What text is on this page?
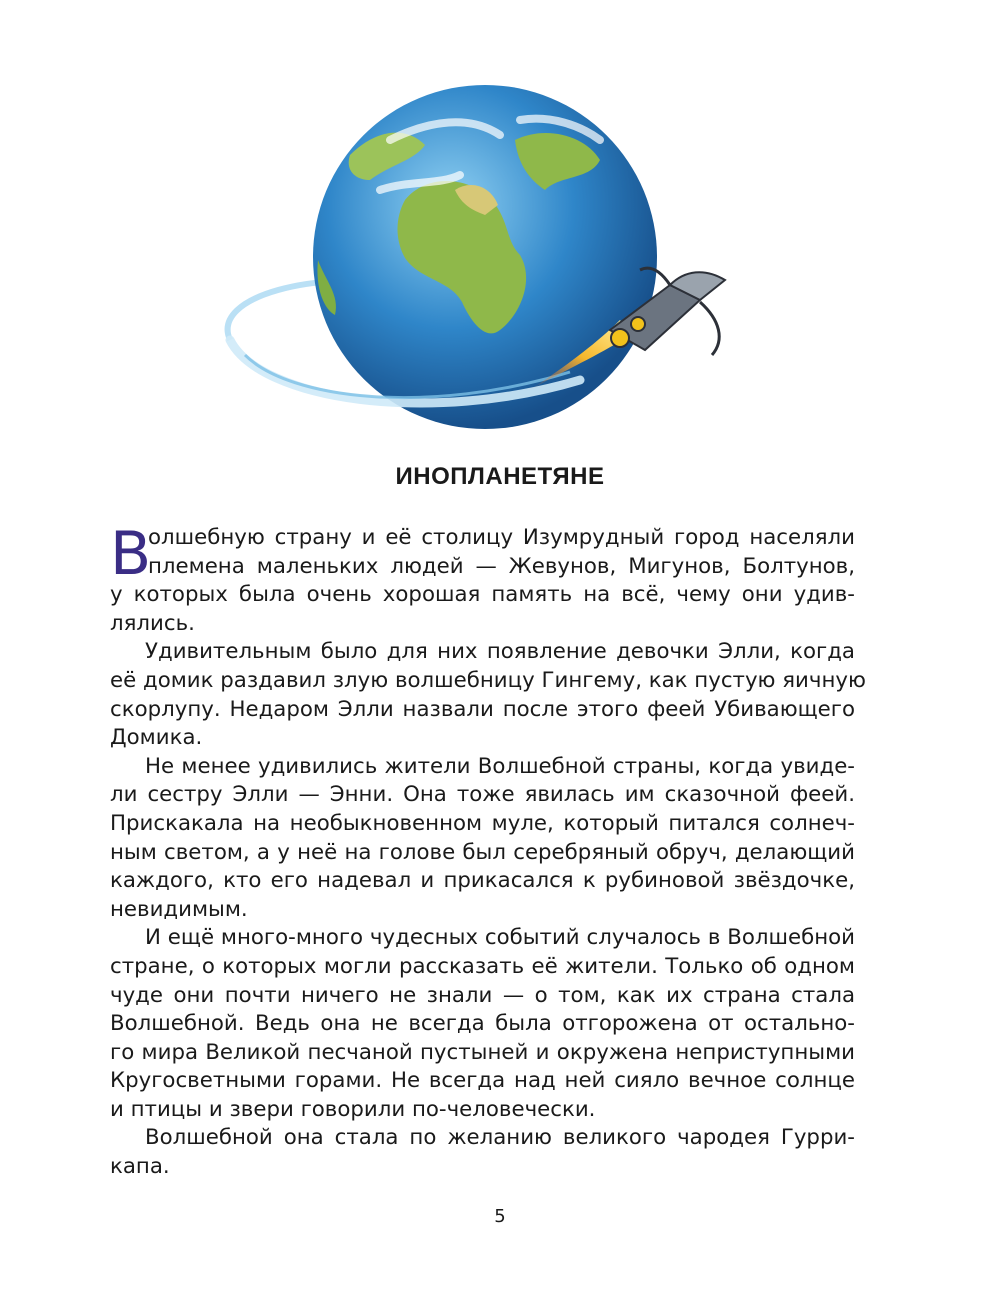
ИНОПЛАНЕТЯНЕ
В
олшебную страну и её столицу Изумрудный город населяли
племена маленьких людей — Жевунов, Мигунов, Болтунов,
у которых была очень хорошая память на всё, чему они удив-
лялись.
Удивительным было для них появление девочки Элли, когда
её домик раздавил злую волшебницу Гингему, как пустую яичную
скорлупу. Недаром Элли назвали после этого феей Убивающего
Домика.
Не менее удивились жители Волшебной страны, когда увиде-
ли сестру Элли — Энни. Она тоже явилась им сказочной феей.
Прискакала на необыкновенном муле, который питался солнеч-
ным светом, а у неё на голове был серебряный обруч, делающий
каждого, кто его надевал и прикасался к рубиновой звёздочке,
невидимым.
И ещё много-много чудесных событий случалось в Волшебной
стране, о которых могли рассказать её жители. Только об одном
чуде они почти ничего не знали — о том, как их страна стала
Волшебной. Ведь она не всегда была отгорожена от остально-
го мира Великой песчаной пустыней и окружена неприступными
Кругосветными горами. Не всегда над ней сияло вечное солнце
и птицы и звери говорили по-человечески.
Волшебной она стала по желанию великого чародея Гурри-
капа.
5
